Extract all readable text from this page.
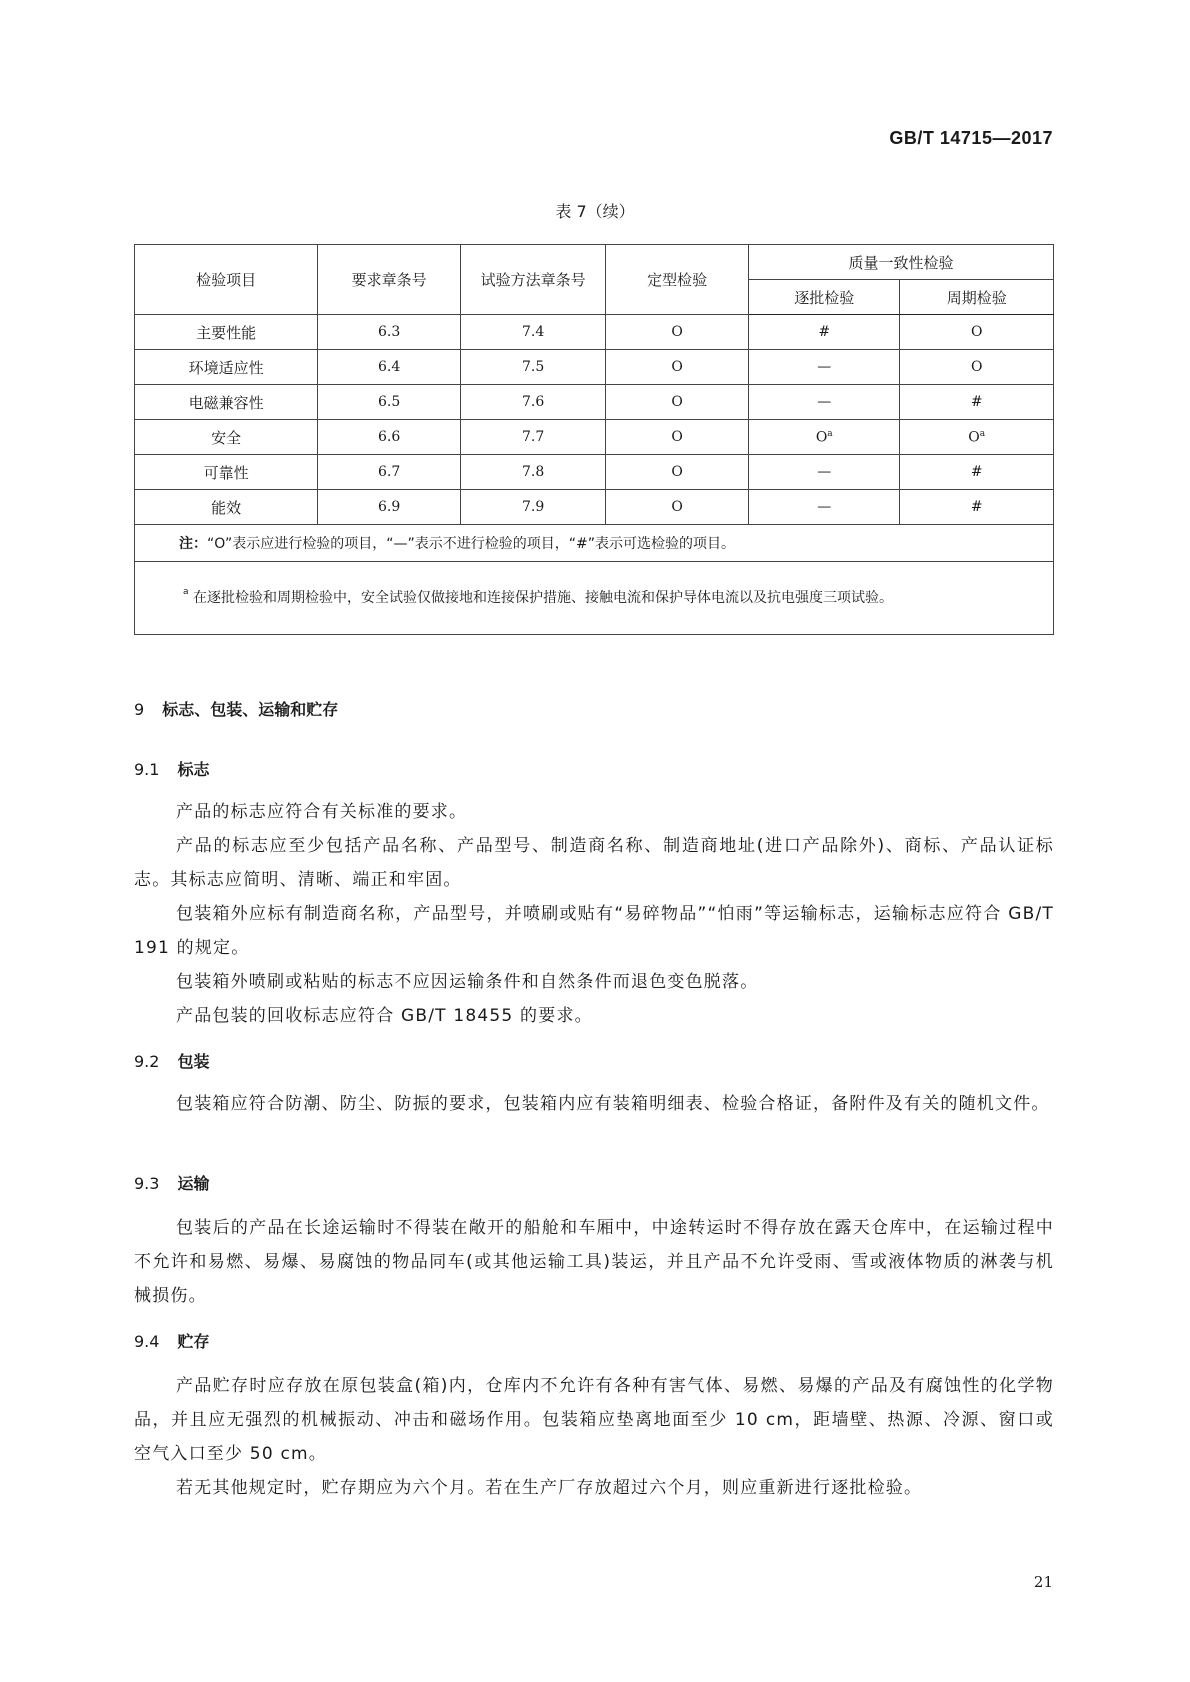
GB/T 14715—2017
表 7（续）
检验项目	要求章条号	试验方法章条号	定型检验	质量一致性检验	
				逐批检验	周期检验
主要性能	6.3	7.4	O	#	O
环境适应性	6.4	7.5	O	—	O
电磁兼容性	6.5	7.6	O	—	#
安全	6.6	7.7	O	$O^a$	$O^a$
可靠性	6.7	7.8	O	—	#
能效	6.9	7.9	O	—	#
注：“O”表示应进行检验的项目，“—”表示不进行检验的项目，“#”表示可选检验的项目。					

a 在逐批检验和周期检验中，安全试验仅做接地和连接保护措施、接触电流和保护导体电流以及抗电强度三项试验。					
9 标志、包装、运输和贮存
9.1 标志
产品的标志应符合有关标准的要求。
产品的标志应至少包括产品名称、产品型号、制造商名称、制造商地址(进口产品除外)、商标、产品认证标志。其标志应简明、清晰、端正和牢固。
包装箱外应标有制造商名称，产品型号，并喷刷或贴有“易碎物品”“怕雨”等运输标志，运输标志应符合 GB/T 191 的规定。
包装箱外喷刷或粘贴的标志不应因运输条件和自然条件而退色变色脱落。
产品包装的回收标志应符合 GB/T 18455 的要求。
9.2 包装
包装箱应符合防潮、防尘、防振的要求，包装箱内应有装箱明细表、检验合格证，备附件及有关的随机文件。
9.3 运输
包装后的产品在长途运输时不得装在敞开的船舱和车厢中，中途转运时不得存放在露天仓库中，在运输过程中不允许和易燃、易爆、易腐蚀的物品同车(或其他运输工具)装运，并且产品不允许受雨、雪或液体物质的淋袭与机械损伤。
9.4 贮存
产品贮存时应存放在原包装盒(箱)内，仓库内不允许有各种有害气体、易燃、易爆的产品及有腐蚀性的化学物品，并且应无强烈的机械振动、冲击和磁场作用。包装箱应垫离地面至少 10 cm，距墙壁、热源、冷源、窗口或空气入口至少 50 cm。
若无其他规定时，贮存期应为六个月。若在生产厂存放超过六个月，则应重新进行逐批检验。
21
